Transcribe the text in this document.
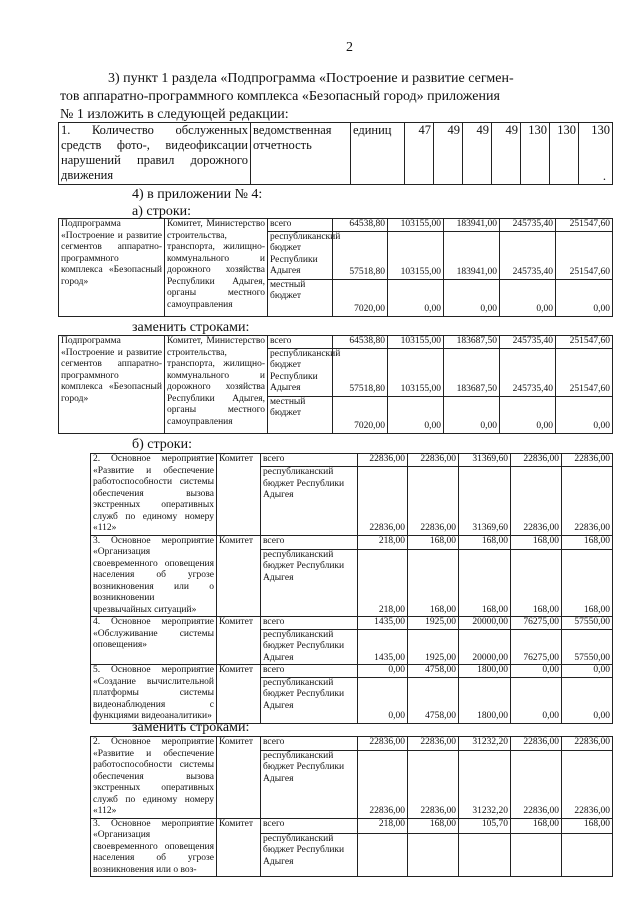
2
3) пункт 1 раздела «Подпрограмма «Построение и развитие сегмен-
тов аппаратно-программного комплекса «Безопасный город» приложения
№ 1 изложить в следующей редакции:
1. Количество обслуженных средств фото-, видеофиксации нарушений правил дорожного движения	ведомственная отчетность	единиц	47	49	49	49	130	130	130
.
4) в приложении № 4:
а) строки:
Подпрограмма «Построение и развитие сегментов аппаратно-программного комплекса «Безопасный город»	Комитет, Министерство строительства, транспорта, жилищно-коммунального и дорожного хозяйства Республики Адыгея, органы местного самоуправления	всего	64538,80	103155,00	183941,00	245735,40	251547,60
		республиканский бюджет Республики Адыгея	57518,80	103155,00	183941,00	245735,40	251547,60
		местный бюджет	7020,00	0,00	0,00	0,00	0,00
заменить строками:
Подпрограмма «Построение и развитие сегментов аппаратно-программного комплекса «Безопасный город»	Комитет, Министерство строительства, транспорта, жилищно-коммунального и дорожного хозяйства Республики Адыгея, органы местного самоуправления	всего	64538,80	103155,00	183687,50	245735,40	251547,60
		республиканский бюджет Республики Адыгея	57518,80	103155,00	183687,50	245735,40	251547,60
		местный бюджет	7020,00	0,00	0,00	0,00	0,00
б) строки:
2. Основное мероприятие «Развитие и обеспечение работоспособности системы обеспечения вызова экстренных оперативных служб по единому номеру «112»	Комитет	всего	22836,00	22836,00	31369,60	22836,00	22836,00
		республиканский бюджет Республики Адыгея	22836,00	22836,00	31369,60	22836,00	22836,00
3. Основное мероприятие «Организация своевременного оповещения населения об угрозе возникновения или о возникновении чрезвычайных ситуаций»	Комитет	всего	218,00	168,00	168,00	168,00	168,00
		республиканский бюджет Республики Адыгея	218,00	168,00	168,00	168,00	168,00
4. Основное мероприятие «Обслуживание системы оповещения»	Комитет	всего	1435,00	1925,00	20000,00	76275,00	57550,00
		республиканский бюджет Республики Адыгея	1435,00	1925,00	20000,00	76275,00	57550,00
5. Основное мероприятие «Создание вычислительной платформы системы видеонаблюдения с функциями видеоаналитики»	Комитет	всего	0,00	4758,00	1800,00	0,00	0,00
		республиканский бюджет Республики Адыгея	0,00	4758,00	1800,00	0,00	0,00
заменить строками:
2. Основное мероприятие «Развитие и обеспечение работоспособности системы обеспечения вызова экстренных оперативных служб по единому номеру «112»	Комитет	всего	22836,00	22836,00	31232,20	22836,00	22836,00
		республиканский бюджет Республики Адыгея	22836,00	22836,00	31232,20	22836,00	22836,00
3. Основное мероприятие «Организация своевременного оповещения населения об угрозе возникновения или о воз-	Комитет	всего	218,00	168,00	105,70	168,00	168,00
		республиканский бюджет Республики Адыгея					
